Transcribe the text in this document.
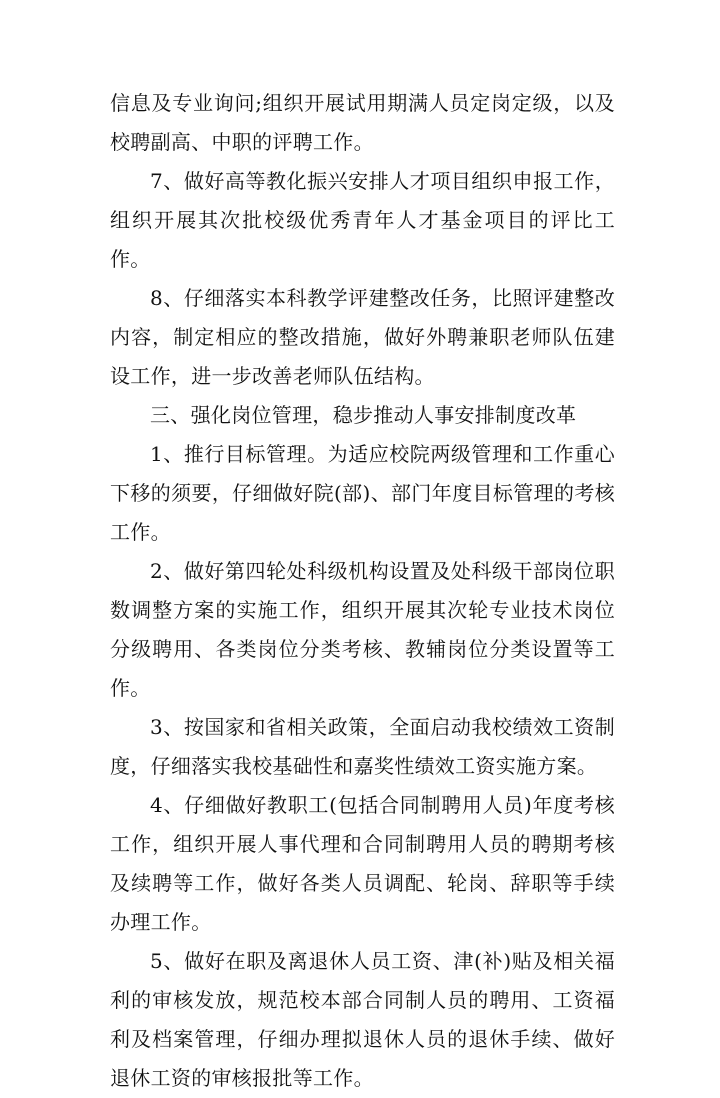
信息及专业询问;组织开展试用期满人员定岗定级，以及校聘副高、中职的评聘工作。

7、做好高等教化振兴安排人才项目组织申报工作，组织开展其次批校级优秀青年人才基金项目的评比工作。

8、仔细落实本科教学评建整改任务，比照评建整改内容，制定相应的整改措施，做好外聘兼职老师队伍建设工作，进一步改善老师队伍结构。

三、强化岗位管理，稳步推动人事安排制度改革

1、推行目标管理。为适应校院两级管理和工作重心下移的须要，仔细做好院(部)、部门年度目标管理的考核工作。

2、做好第四轮处科级机构设置及处科级干部岗位职数调整方案的实施工作，组织开展其次轮专业技术岗位分级聘用、各类岗位分类考核、教辅岗位分类设置等工作。

3、按国家和省相关政策，全面启动我校绩效工资制度，仔细落实我校基础性和嘉奖性绩效工资实施方案。

4、仔细做好教职工(包括合同制聘用人员)年度考核工作，组织开展人事代理和合同制聘用人员的聘期考核及续聘等工作，做好各类人员调配、轮岗、辞职等手续办理工作。

5、做好在职及离退休人员工资、津(补)贴及相关福利的审核发放，规范校本部合同制人员的聘用、工资福利及档案管理，仔细办理拟退休人员的退休手续、做好退休工资的审核报批等工作。
